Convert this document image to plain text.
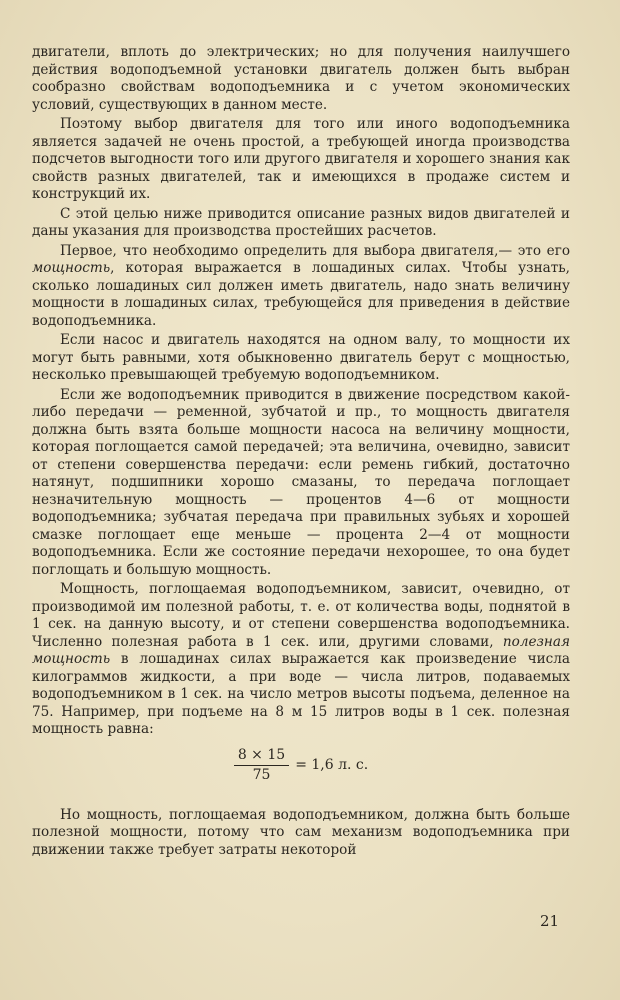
двигатели, вплоть до электрических; но для получения наилучшего действия водоподъемной установки двигатель должен быть выбран сообразно свойствам водоподъемника и с учетом экономических условий, существующих в данном месте.

Поэтому выбор двигателя для того или иного водоподъемника является задачей не очень простой, а требующей иногда производства подсчетов выгодности того или другого двигателя и хорошего знания как свойств разных двигателей, так и имеющихся в продаже систем и конструкций их.

С этой целью ниже приводится описание разных видов двигателей и даны указания для производства простейших расчетов.

Первое, что необходимо определить для выбора двигателя,— это его мощность, которая выражается в лошадиных силах. Чтобы узнать, сколько лошадиных сил должен иметь двигатель, надо знать величину мощности в лошадиных силах, требующейся для приведения в действие водоподъемника.

Если насос и двигатель находятся на одном валу, то мощности их могут быть равными, хотя обыкновенно двигатель берут с мощностью, несколько превышающей требуемую водоподъемником.

Если же водоподъемник приводится в движение посредством какой-либо передачи — ременной, зубчатой и пр., то мощность двигателя должна быть взята больше мощности насоса на величину мощности, которая поглощается самой передачей; эта величина, очевидно, зависит от степени совершенства передачи: если ремень гибкий, достаточно натянут, подшипники хорошо смазаны, то передача поглощает незначительную мощность — процентов 4—6 от мощности водоподъемника; зубчатая передача при правильных зубьях и хорошей смазке поглощает еще меньше — процента 2—4 от мощности водоподъемника. Если же состояние передачи нехорошее, то она будет поглощать и большую мощность.

Мощность, поглощаемая водоподъемником, зависит, очевидно, от производимой им полезной работы, т. е. от количества воды, поднятой в 1 сек. на данную высоту, и от степени совершенства водоподъемника. Численно полезная работа в 1 сек. или, другими словами, полезная мощность в лошадинах силах выражается как произведение числа килограммов жидкости, а при воде — числа литров, подаваемых водоподъемником в 1 сек. на число метров высоты подъема, деленное на 75. Например, при подъеме на 8 м 15 литров воды в 1 сек. полезная мощность равна:

$\frac{8 \times 15}{75} = 1,6$ л. с.

Но мощность, поглощаемая водоподъемником, должна быть больше полезной мощности, потому что сам механизм водоподъемника при движении также требует затраты некоторой

21
